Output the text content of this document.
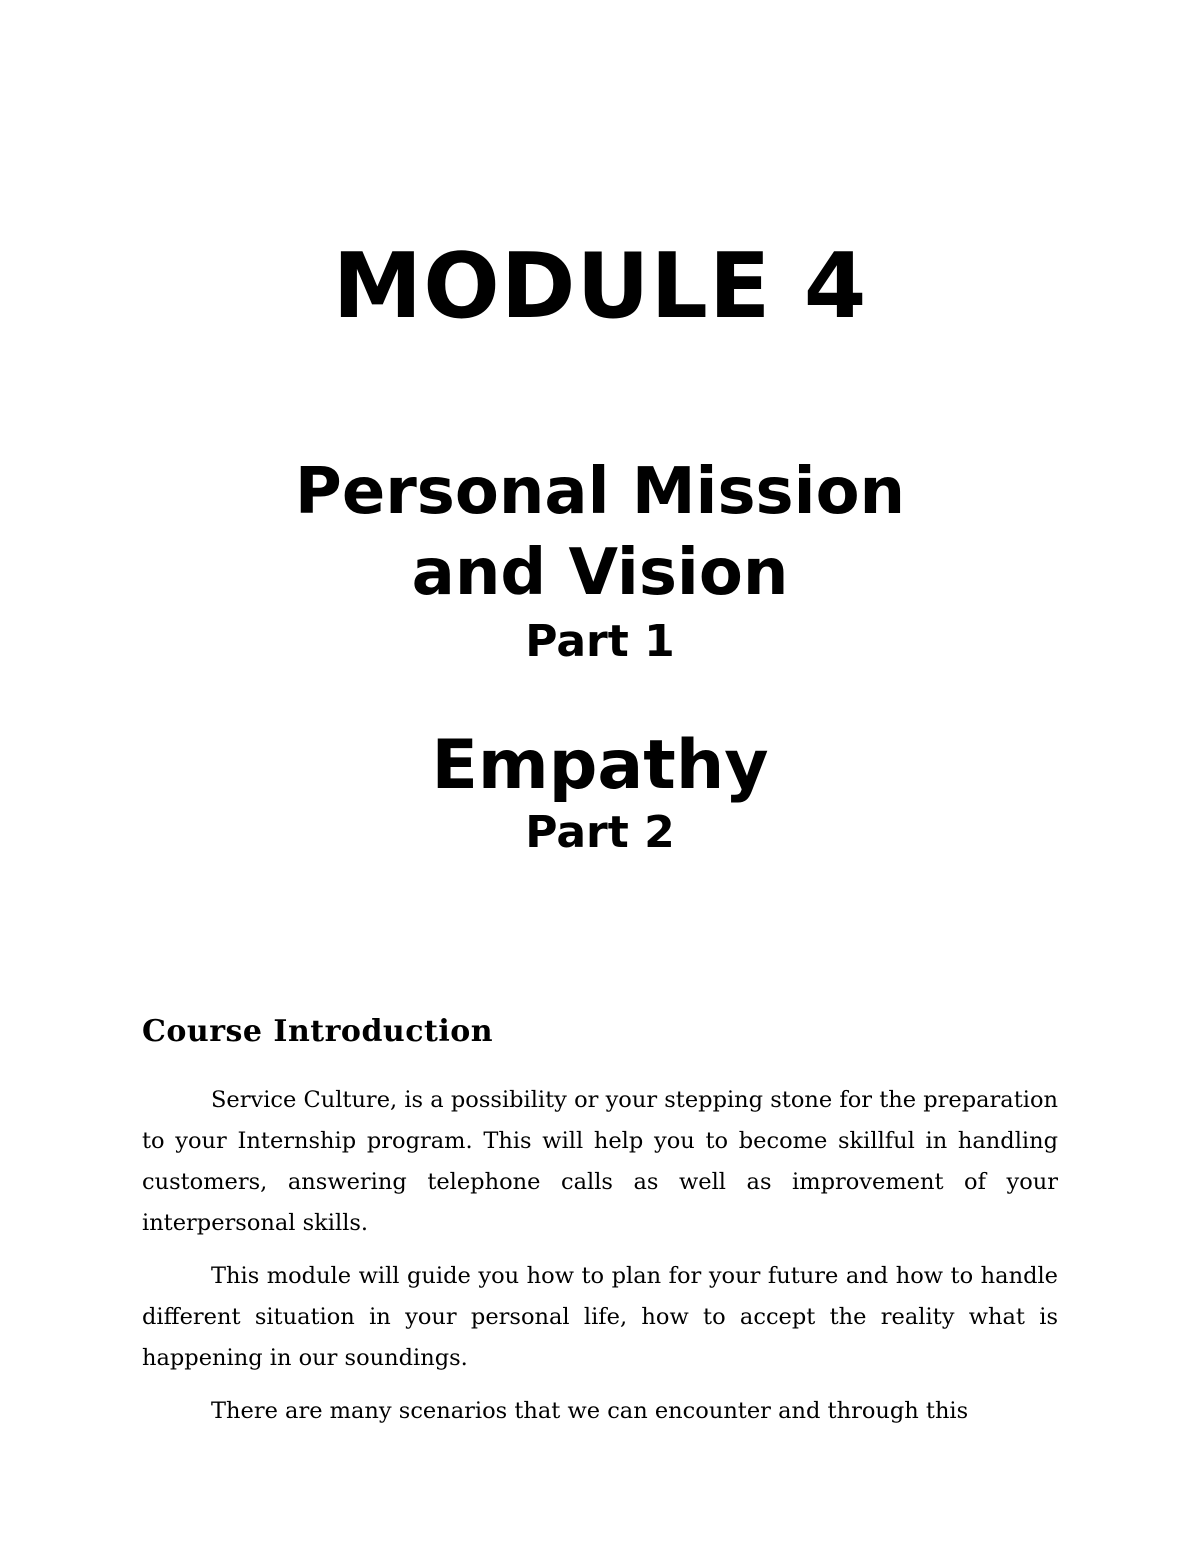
MODULE 4
Personal Mission
and Vision
Part 1
Empathy
Part 2
Course Introduction

Service Culture, is a possibility or your stepping stone for the preparation to your Internship program. This will help you to become skillful in handling customers, answering telephone calls as well as improvement of your interpersonal skills.

This module will guide you how to plan for your future and how to handle different situation in your personal life, how to accept the reality what is happening in our soundings.

There are many scenarios that we can encounter and through this
